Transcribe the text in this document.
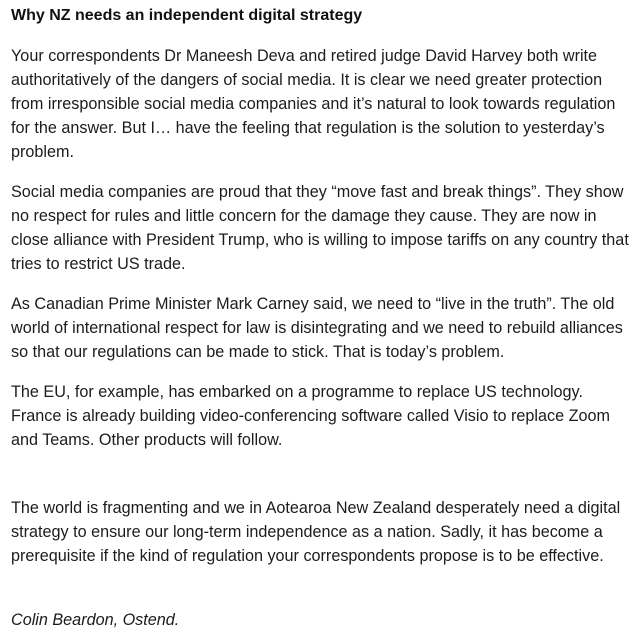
Why NZ needs an independent digital strategy

Your correspondents Dr Maneesh Deva and retired judge David Harvey both write authoritatively of the dangers of social media. It is clear we need greater protection from irresponsible social media companies and it’s natural to look towards regulation for the answer. But I… have the feeling that regulation is the solution to yesterday’s problem.

Social media companies are proud that they “move fast and break things”. They show no respect for rules and little concern for the damage they cause. They are now in close alliance with President Trump, who is willing to impose tariffs on any country that tries to restrict US trade.

As Canadian Prime Minister Mark Carney said, we need to “live in the truth”. The old world of international respect for law is disintegrating and we need to rebuild alliances so that our regulations can be made to stick. That is today’s problem.

The EU, for example, has embarked on a programme to replace US technology. France is already building video-conferencing software called Visio to replace Zoom and Teams. Other products will follow.

The world is fragmenting and we in Aotearoa New Zealand desperately need a digital strategy to ensure our long-term independence as a nation. Sadly, it has become a prerequisite if the kind of regulation your correspondents propose is to be effective.

Colin Beardon, Ostend.
